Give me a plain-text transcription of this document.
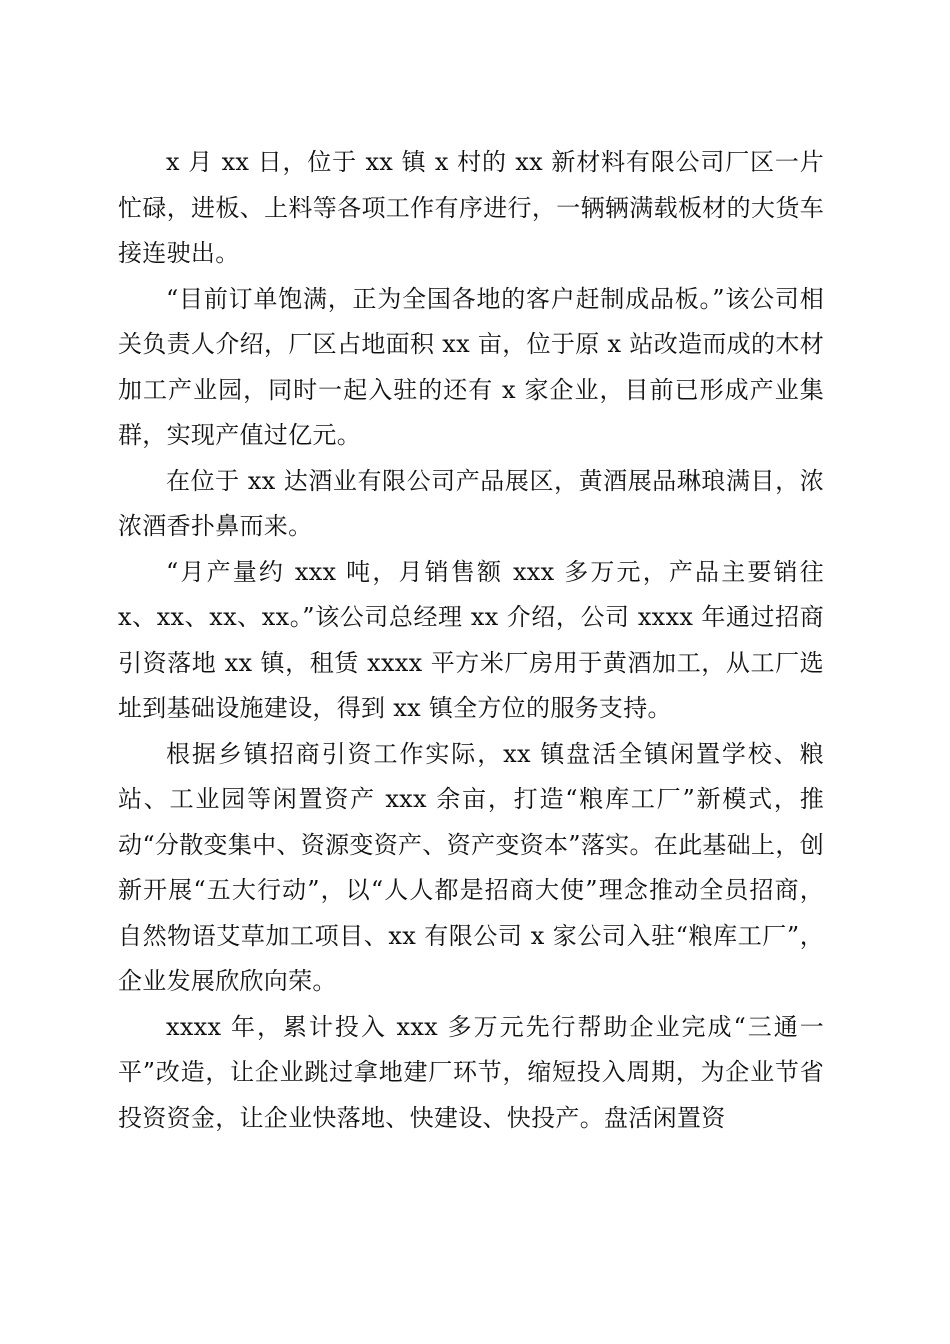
x 月 xx 日，位于 xx 镇 x 村的 xx 新材料有限公司厂区一片忙碌，进板、上料等各项工作有序进行，一辆辆满载板材的大货车接连驶出。

“目前订单饱满，正为全国各地的客户赶制成品板。”该公司相关负责人介绍，厂区占地面积 xx 亩，位于原 x 站改造而成的木材加工产业园，同时一起入驻的还有 x 家企业，目前已形成产业集群，实现产值过亿元。

在位于 xx 达酒业有限公司产品展区，黄酒展品琳琅满目，浓浓酒香扑鼻而来。

“月产量约 xxx 吨，月销售额 xxx 多万元，产品主要销往 x、xx、xx、xx。”该公司总经理 xx 介绍，公司 xxxx 年通过招商引资落地 xx 镇，租赁 xxxx 平方米厂房用于黄酒加工，从工厂选址到基础设施建设，得到 xx 镇全方位的服务支持。

根据乡镇招商引资工作实际，xx 镇盘活全镇闲置学校、粮站、工业园等闲置资产 xxx 余亩，打造“粮库工厂”新模式，推动“分散变集中、资源变资产、资产变资本”落实。在此基础上，创新开展“五大行动”，以“人人都是招商大使”理念推动全员招商，自然物语艾草加工项目、xx 有限公司 x 家公司入驻“粮库工厂”，企业发展欣欣向荣。

xxxx 年，累计投入 xxx 多万元先行帮助企业完成“三通一平”改造，让企业跳过拿地建厂环节，缩短投入周期，为企业节省投资资金，让企业快落地、快建设、快投产。盘活闲置资
